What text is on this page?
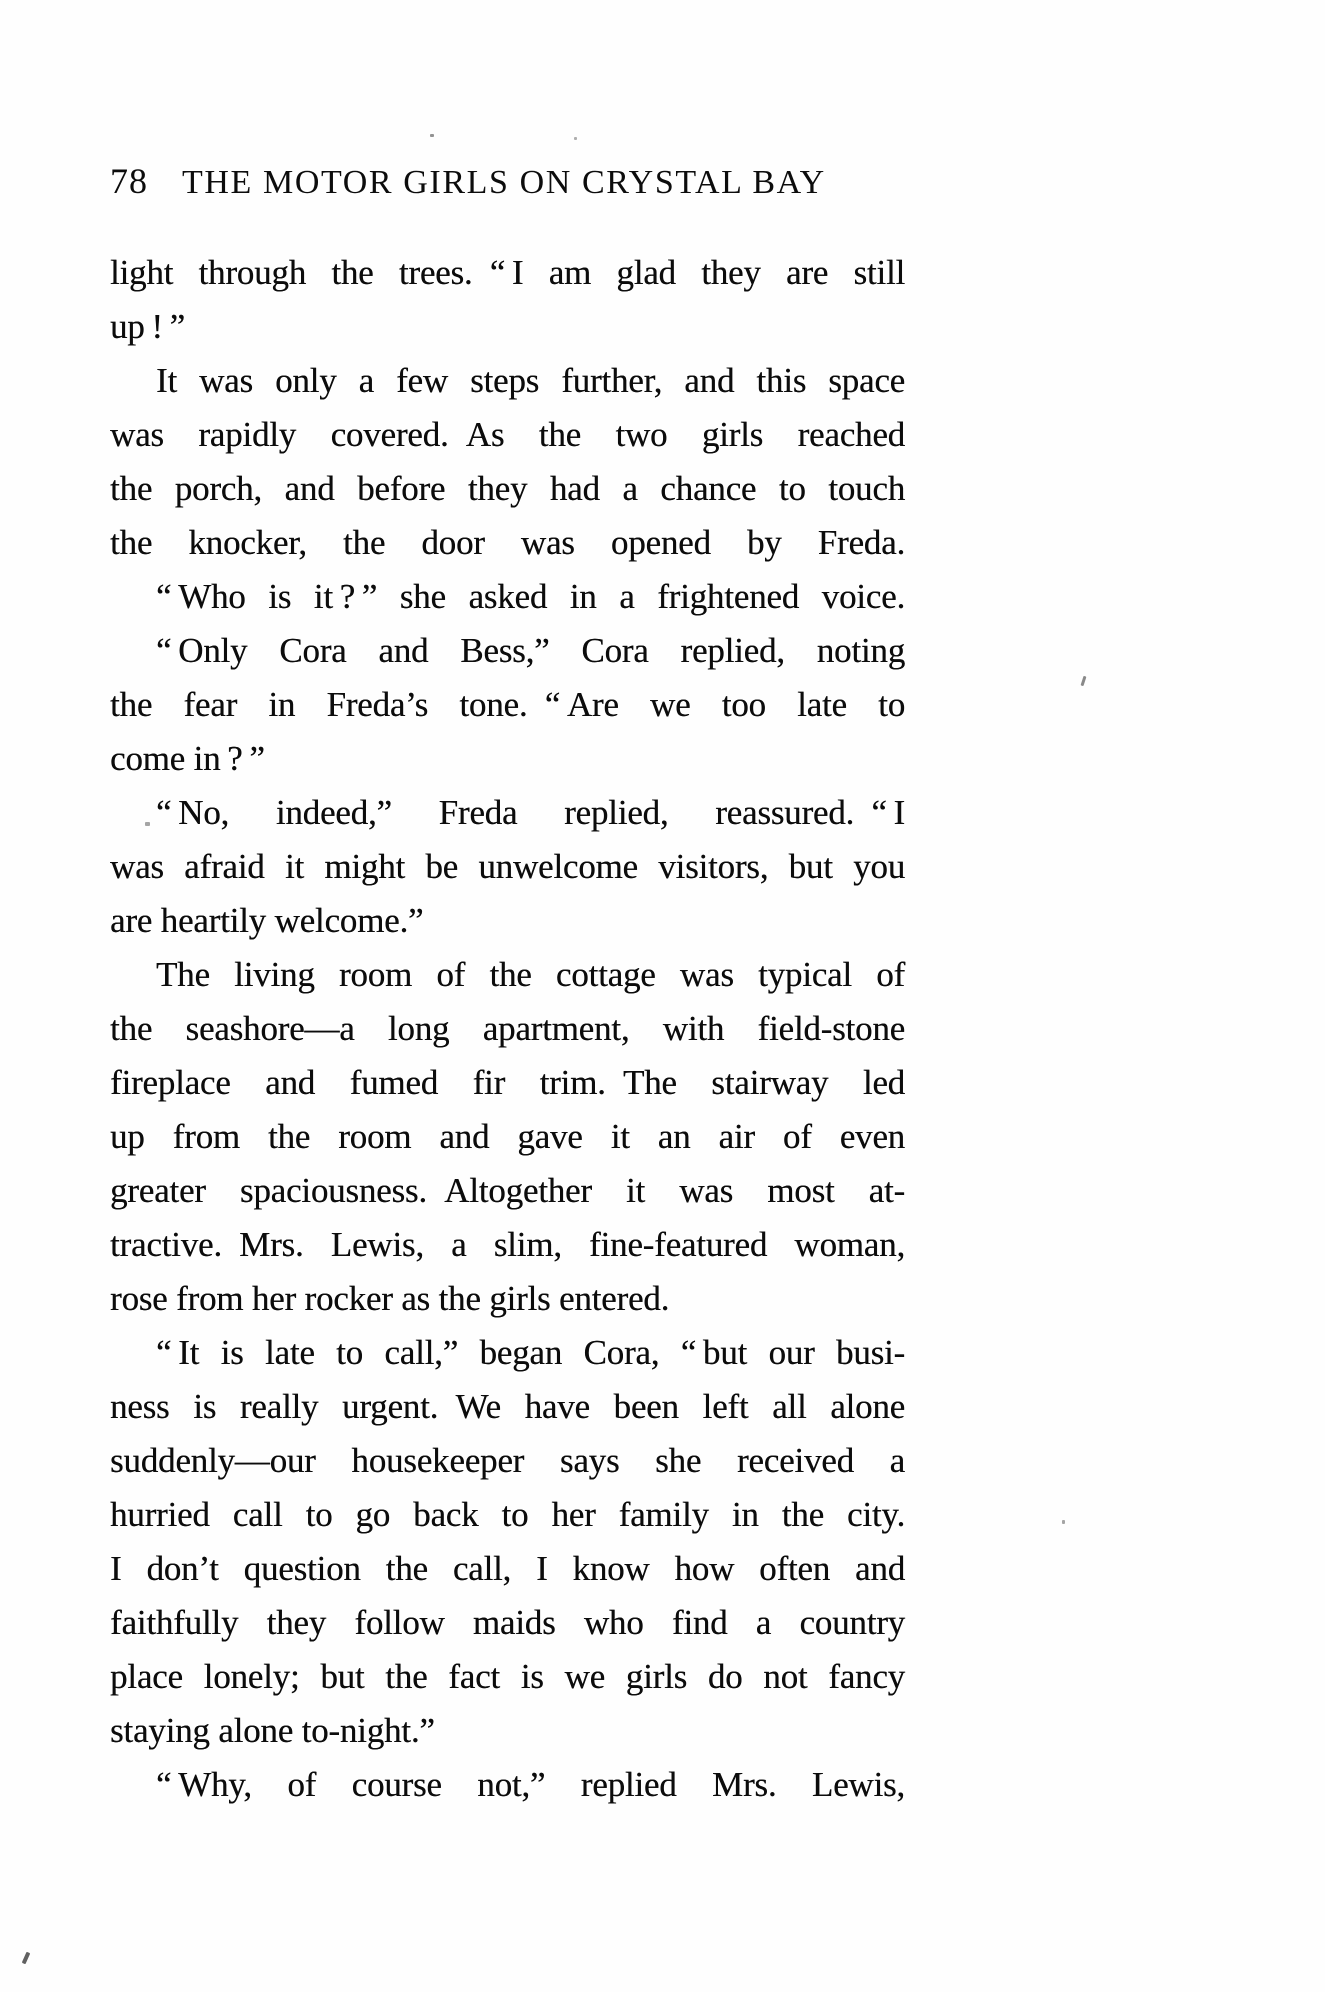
78 THE MOTOR GIRLS ON CRYSTAL BAY
light through the trees. “ I am glad they are still
up ! ”
It was only a few steps further, and this space
was rapidly covered. As the two girls reached
the porch, and before they had a chance to touch
the knocker, the door was opened by Freda.
“ Who is it ? ” she asked in a frightened voice.
“ Only Cora and Bess,” Cora replied, noting
the fear in Freda’s tone. “ Are we too late to
come in ? ”
“ No, indeed,” Freda replied, reassured. “ I
was afraid it might be unwelcome visitors, but you
are heartily welcome.”
The living room of the cottage was typical of
the seashore—a long apartment, with field-stone
fireplace and fumed fir trim. The stairway led
up from the room and gave it an air of even
greater spaciousness. Altogether it was most at-
tractive. Mrs. Lewis, a slim, fine-featured woman,
rose from her rocker as the girls entered.
“ It is late to call,” began Cora, “ but our busi-
ness is really urgent. We have been left all alone
suddenly—our housekeeper says she received a
hurried call to go back to her family in the city.
I don’t question the call, I know how often and
faithfully they follow maids who find a country
place lonely; but the fact is we girls do not fancy
staying alone to-night.”
“ Why, of course not,” replied Mrs. Lewis,
